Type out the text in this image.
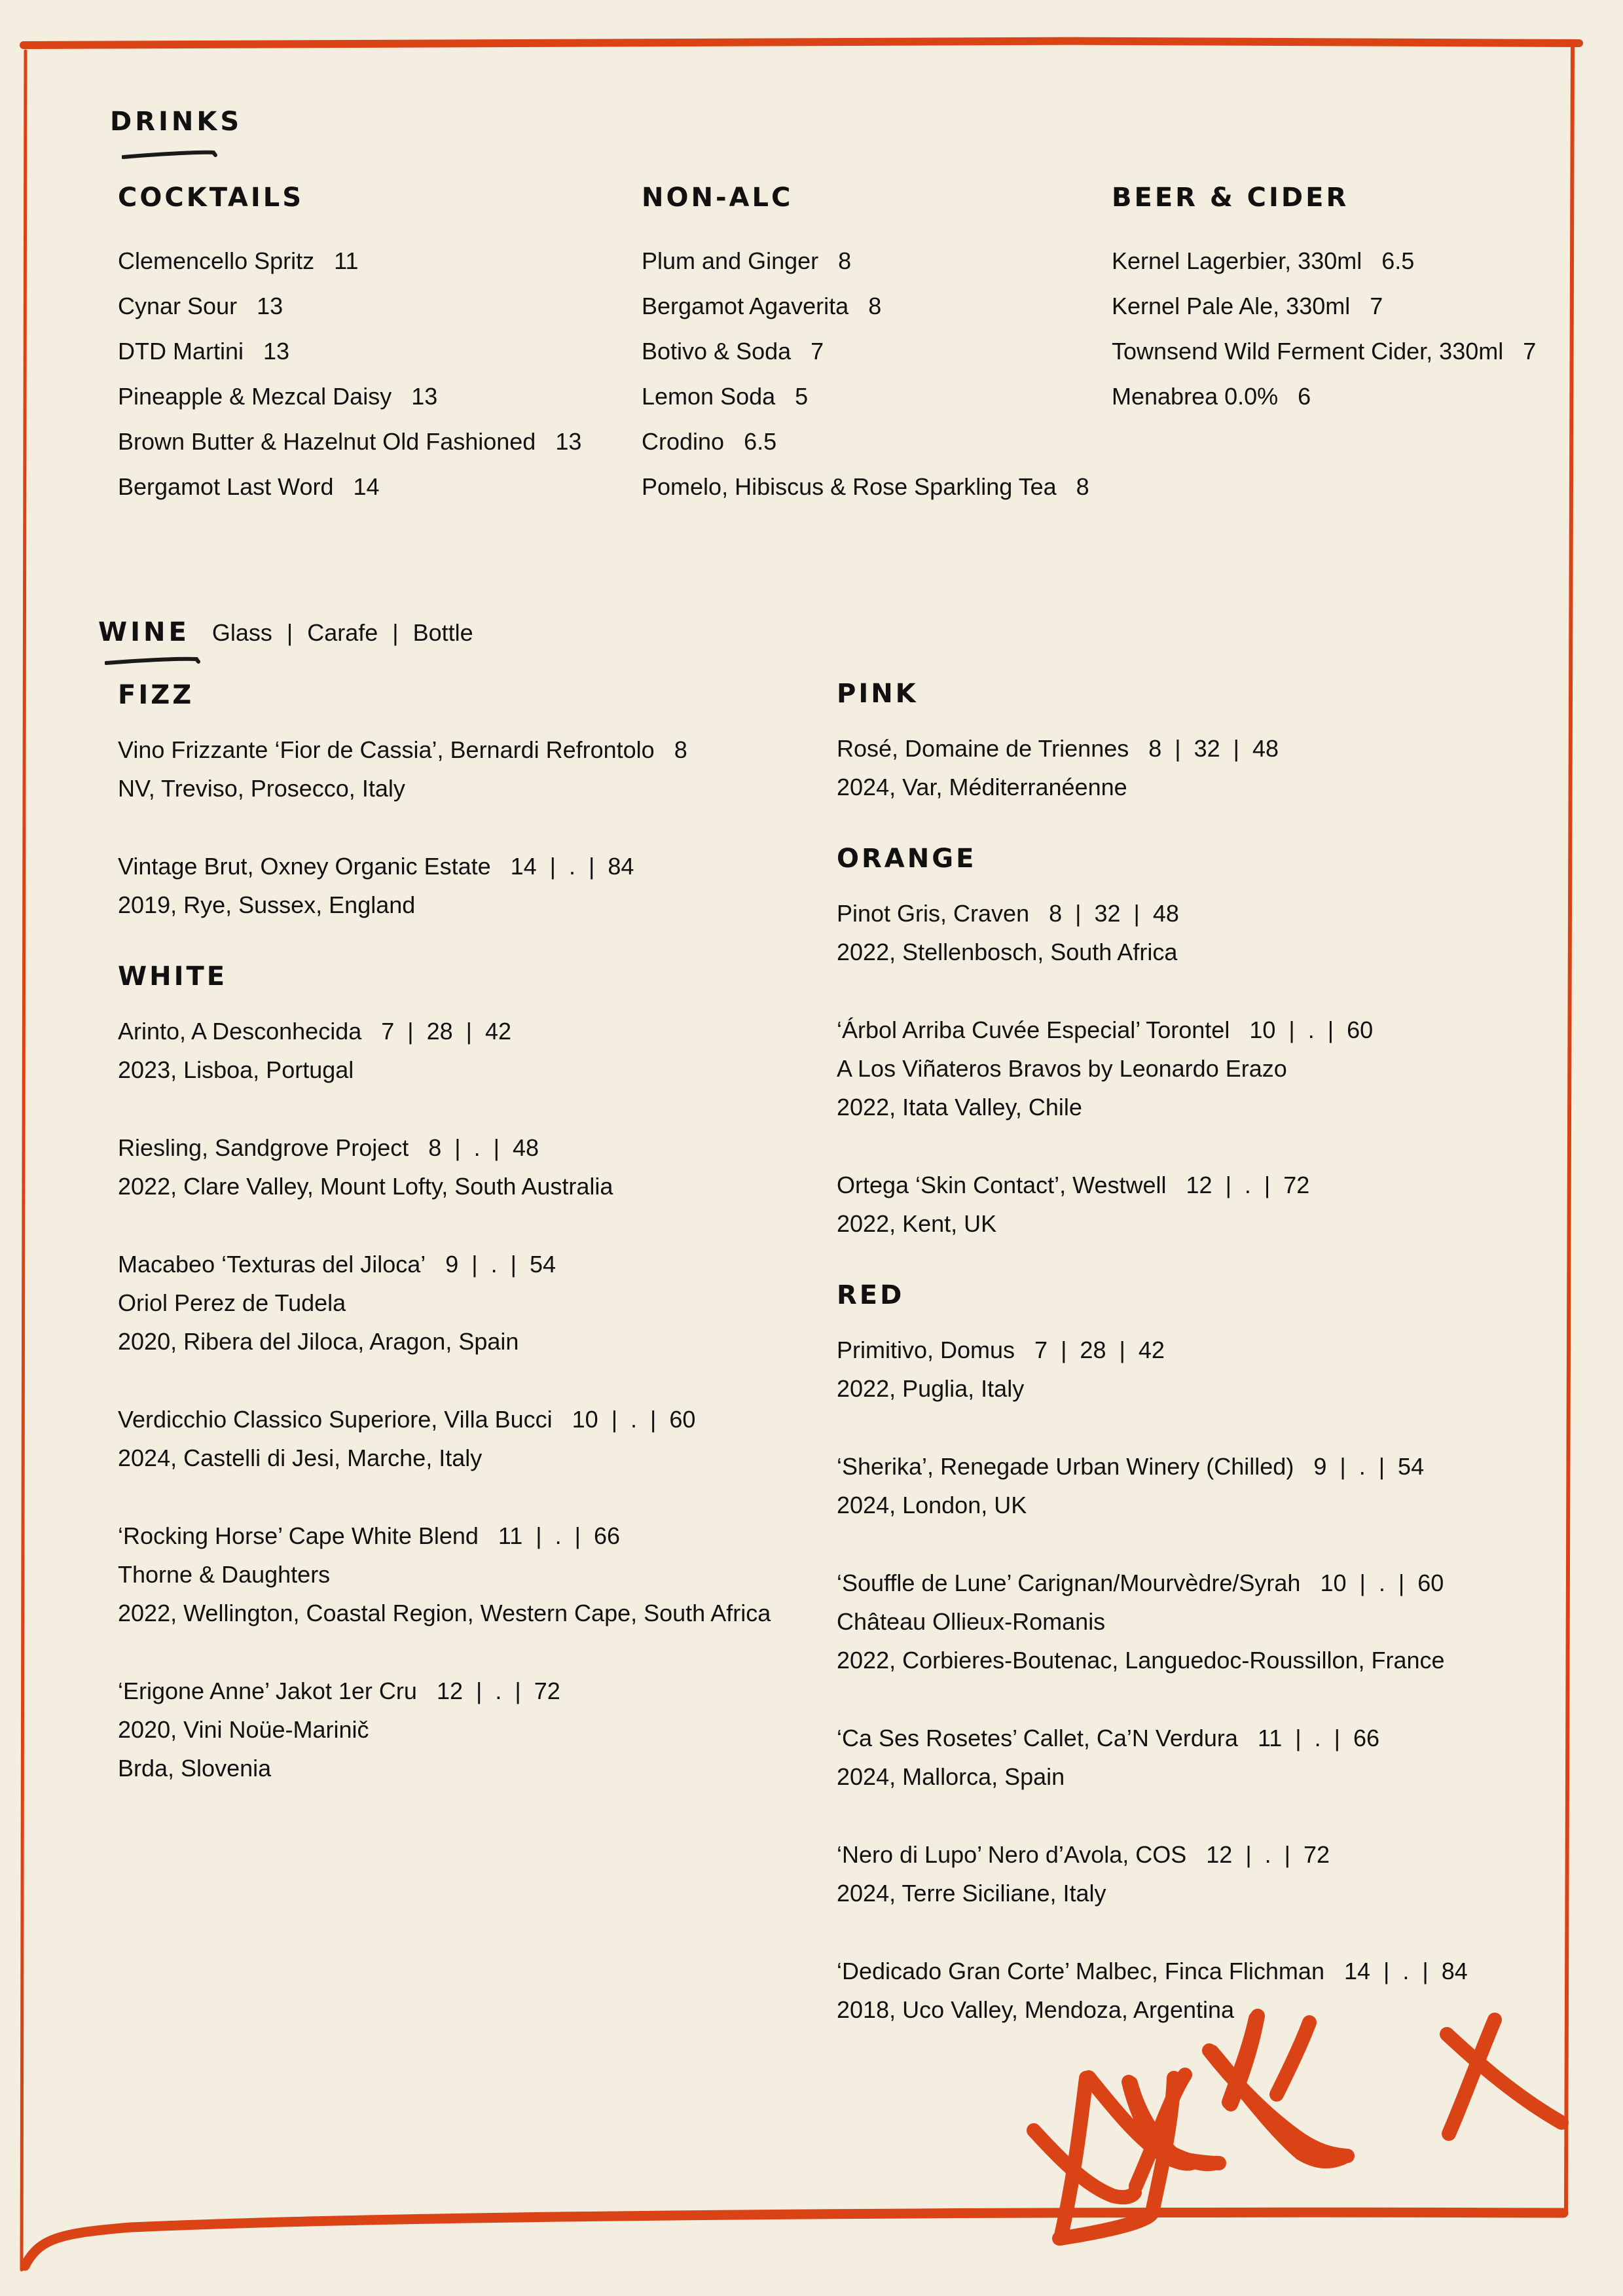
DRINKS
COCKTAILS
Clemencello Spritz 11
Cynar Sour 13
DTD Martini 13
Pineapple & Mezcal Daisy 13
Brown Butter & Hazelnut Old Fashioned 13
Bergamot Last Word 14
NON-ALC
Plum and Ginger 8
Bergamot Agaverita 8
Botivo & Soda 7
Lemon Soda 5
Crodino 6.5
Pomelo, Hibiscus & Rose Sparkling Tea 8
BEER & CIDER
Kernel Lagerbier, 330ml 6.5
Kernel Pale Ale, 330ml 7
Townsend Wild Ferment Cider, 330ml 7
Menabrea 0.0% 6
WINE Glass | Carafe | Bottle
FIZZ
Vino Frizzante ‘Fior de Cassia’, Bernardi Refrontolo 8
NV, Treviso, Prosecco, Italy
Vintage Brut, Oxney Organic Estate 14 | . | 84
2019, Rye, Sussex, England
WHITE
Arinto, A Desconhecida 7 | 28 | 42
2023, Lisboa, Portugal
Riesling, Sandgrove Project 8 | . | 48
2022, Clare Valley, Mount Lofty, South Australia
Macabeo ‘Texturas del Jiloca’ 9 | . | 54
Oriol Perez de Tudela
2020, Ribera del Jiloca, Aragon, Spain
Verdicchio Classico Superiore, Villa Bucci 10 | . | 60
2024, Castelli di Jesi, Marche, Italy
‘Rocking Horse’ Cape White Blend 11 | . | 66
Thorne & Daughters
2022, Wellington, Coastal Region, Western Cape, South Africa
‘Erigone Anne’ Jakot 1er Cru 12 | . | 72
2020, Vini Noüe-Marinič
Brda, Slovenia
PINK
Rosé, Domaine de Triennes 8 | 32 | 48
2024, Var, Méditerranéenne
ORANGE
Pinot Gris, Craven 8 | 32 | 48
2022, Stellenbosch, South Africa
‘Árbol Arriba Cuvée Especial’ Torontel 10 | . | 60
A Los Viñateros Bravos by Leonardo Erazo
2022, Itata Valley, Chile
Ortega ‘Skin Contact’, Westwell 12 | . | 72
2022, Kent, UK
RED
Primitivo, Domus 7 | 28 | 42
2022, Puglia, Italy
‘Sherika’, Renegade Urban Winery (Chilled) 9 | . | 54
2024, London, UK
‘Souffle de Lune’ Carignan/Mourvèdre/Syrah 10 | . | 60
Château Ollieux-Romanis
2022, Corbieres-Boutenac, Languedoc-Roussillon, France
‘Ca Ses Rosetes’ Callet, Ca’N Verdura 11 | . | 66
2024, Mallorca, Spain
‘Nero di Lupo’ Nero d’Avola, COS 12 | . | 72
2024, Terre Siciliane, Italy
‘Dedicado Gran Corte’ Malbec, Finca Flichman 14 | . | 84
2018, Uco Valley, Mendoza, Argentina
